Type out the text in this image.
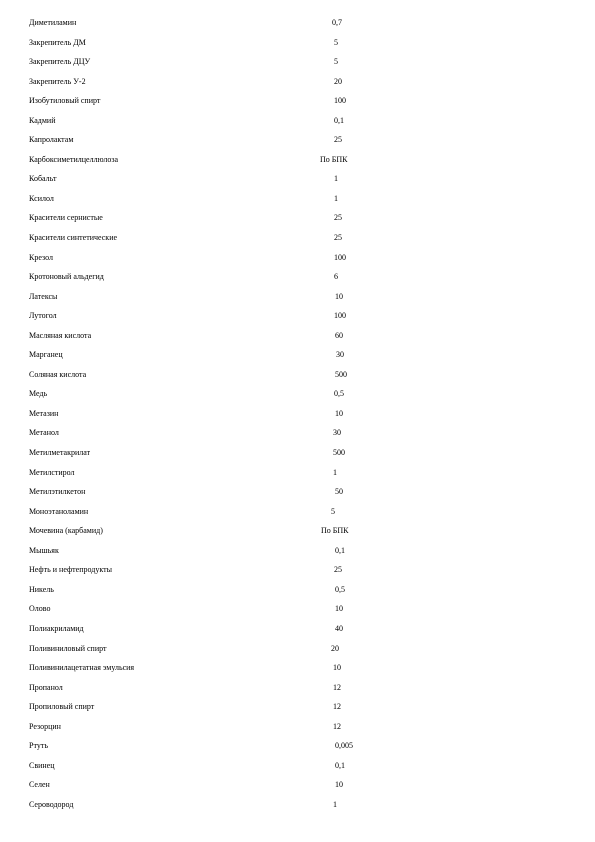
Диметиламин	0,7
Закрепитель ДМ	5
Закрепитель ДЦУ	5
Закрепитель У-2	20
Изобутиловый спирт	100
Кадмий	0,1
Капролактам	25
Карбоксиметилцеллюлоза	По БПК
Кобальт	1
Ксилол	1
Красители сернистые	25
Красители синтетические	25
Крезол	100
Кротоновый альдегид	6
Латексы	10
Лутогол	100
Масляная кислота	60
Марганец	30
Соляная кислота	500
Медь	0,5
Метазин	10
Метанол	30
Метилметакрилат	500
Метилстирол	1
Метилэтилкетон	50
Моноэтаноламин	5
Мочевина (карбамид)	По БПК
Мышьяк	0,1
Нефть и нефтепродукты	25
Никель	0,5
Олово	10
Полиакриламид	40
Поливиниловый спирт	20
Поливинилацетатная эмульсия	10
Пропанол	12
Пропиловый спирт	12
Резорцин	12
Ртуть	0,005
Свинец	0,1
Селен	10
Сероводород	1
